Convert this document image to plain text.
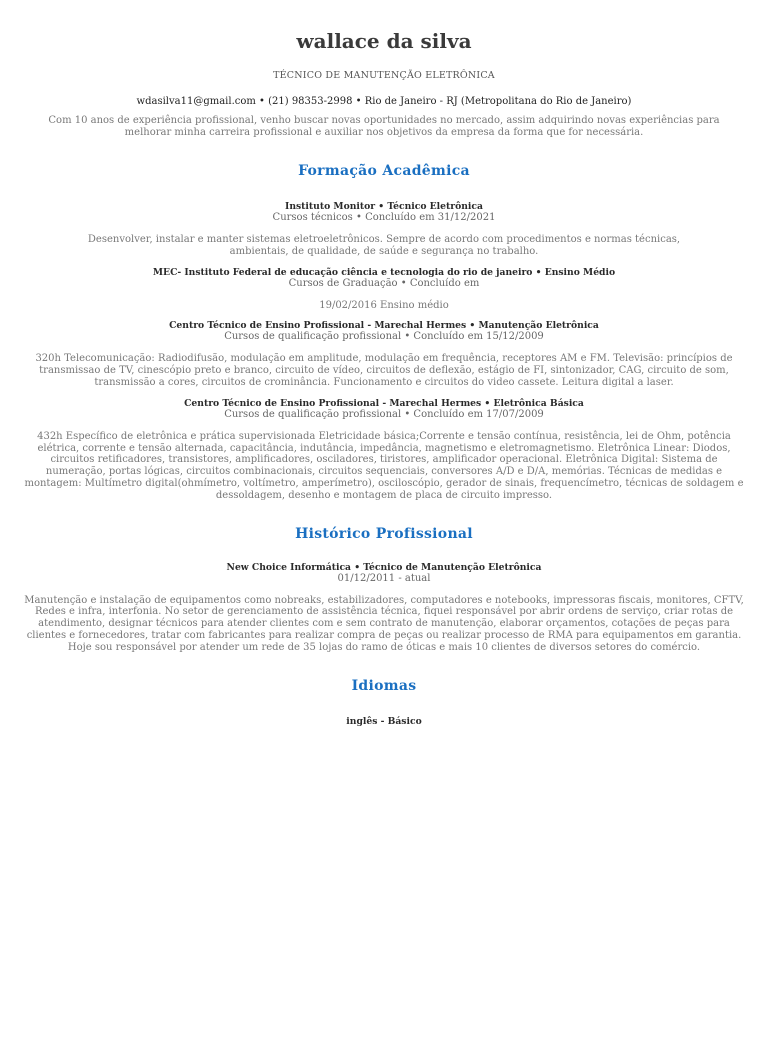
wallace da silva
TÉCNICO DE MANUTENÇÃO ELETRÔNICA
wdasilva11@gmail.com • (21) 98353-2998 • Rio de Janeiro - RJ (Metropolitana do Rio de Janeiro)
Com 10 anos de experiência profissional, venho buscar novas oportunidades no mercado, assim adquirindo novas experiências para melhorar minha carreira profissional e auxiliar nos objetivos da empresa da forma que for necessária.
Formação Acadêmica
Instituto Monitor • Técnico Eletrônica
Cursos técnicos • Concluído em 31/12/2021
Desenvolver, instalar e manter sistemas eletroeletrônicos. Sempre de acordo com procedimentos e normas técnicas, ambientais, de qualidade, de saúde e segurança no trabalho.
MEC- Instituto Federal de educação ciência e tecnologia do rio de janeiro • Ensino Médio
Cursos de Graduação • Concluído em
19/02/2016 Ensino médio
Centro Técnico de Ensino Profissional - Marechal Hermes • Manutenção Eletrônica
Cursos de qualificação profissional • Concluído em 15/12/2009
320h Telecomunicação: Radiodifusão, modulação em amplitude, modulação em frequência, receptores AM e FM. Televisão: princípios de transmissao de TV, cinescópio preto e branco, circuito de vídeo, circuitos de deflexão, estágio de FI, sintonizador, CAG, circuito de som, transmissão a cores, circuitos de crominância. Funcionamento e circuitos do video cassete. Leitura digital a laser.
Centro Técnico de Ensino Profissional - Marechal Hermes • Eletrônica Básica
Cursos de qualificação profissional • Concluído em 17/07/2009
432h Específico de eletrônica e prática supervisionada Eletricidade básica;Corrente e tensão contínua, resistência, lei de Ohm, potência elétrica, corrente e tensão alternada, capacitância, indutância, impedância, magnetismo e eletromagnetismo. Eletrônica Linear: Diodos, circuitos retificadores, transistores, amplificadores, osciladores, tiristores, amplificador operacional. Eletrônica Digital: Sistema de numeração, portas lógicas, circuitos combinacionais, circuitos sequenciais, conversores A/D e D/A, memórias. Técnicas de medidas e montagem: Multímetro digital(ohmímetro, voltímetro, amperímetro), osciloscópio, gerador de sinais, frequencímetro, técnicas de soldagem e dessoldagem, desenho e montagem de placa de circuito impresso.
Histórico Profissional
New Choice Informática • Técnico de Manutenção Eletrônica
01/12/2011 - atual
Manutenção e instalação de equipamentos como nobreaks, estabilizadores, computadores e notebooks, impressoras fiscais, monitores, CFTV, Redes e infra, interfonia. No setor de gerenciamento de assistência técnica, fiquei responsável por abrir ordens de serviço, criar rotas de atendimento, designar técnicos para atender clientes com e sem contrato de manutenção, elaborar orçamentos, cotações de peças para clientes e fornecedores, tratar com fabricantes para realizar compra de peças ou realizar processo de RMA para equipamentos em garantia. Hoje sou responsável por atender um rede de 35 lojas do ramo de óticas e mais 10 clientes de diversos setores do comércio.
Idiomas
inglês - Básico
